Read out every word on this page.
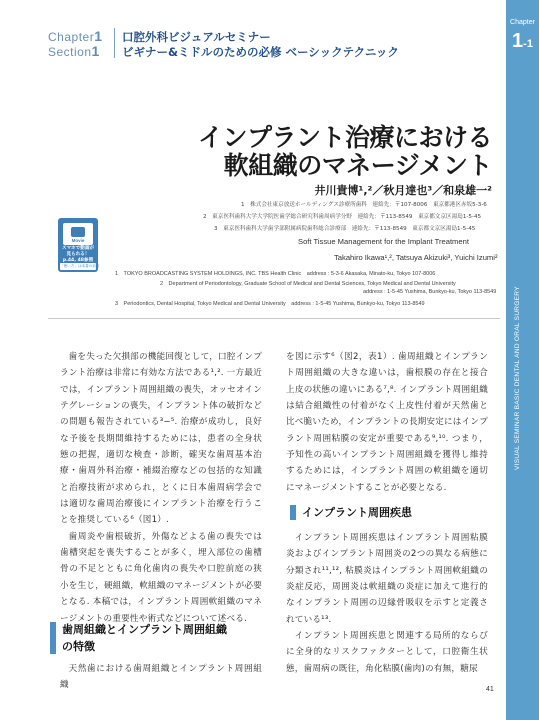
Chapter
1-1
VISUAL SEMINAR BASIC DENTAL AND ORAL SURGERY
Chapter1
Section1
口腔外科ビジュアルセミナー
ビギナー&ミドルのための必修 ベーシックテクニック
インプラント治療における
軟組織のマネージメント
井川貴博¹,²／秋月達也³／和泉雄一²
1　株式会社東京放送ホールディングス診療所歯科　連絡先：〒107-8006　東京都港区赤坂5-3-6
2　東京医科歯科大学大学院医歯学総合研究科歯周病学分野　連絡先：〒113-8549　東京都文京区湯島1-5-45
3　東京医科歯科大学歯学部附属病院歯科総合診療部　連絡先：〒113-8549　東京都文京区湯島1-5-45
Soft Tissue Management for the Implant Treatment
Takahiro Ikawa¹,², Tatsuya Akizuki³, Yuichi Izumi²
1　TOKYO BROADCASTING SYSTEM HOLDINGS, INC. TBS Health Clinic　address : 5-3-6 Akasaka, Minato-ku, Tokyo 107-8006
2　Department of Periodontology, Graduate School of Medical and Dental Sciences, Tokyo Medical and Dental University
address : 1-5-45 Yushima, Bunkyo-ku, Tokyo 113-8549
3　Periodontics, Dental Hospital, Tokyo Medical and Dental University　address : 1-5-45 Yushima, Bunkyo-ku, Tokyo 113-8549
Movie
スマホで動画が
見られる！
p.44, 48参照
「使い方」は本書の前付

歯を失った欠損部の機能回復として，口腔インプラント治療は非常に有効な方法である¹,². 一方最近では，インプラント周囲組織の喪失，オッセオインテグレーションの喪失，インプラント体の破折などの問題も報告されている³−⁵. 治療が成功し，良好な予後を長期間維持するためには，患者の全身状態の把握，適切な検査・診断，確実な歯周基本治療・歯周外科治療・補綴治療などの包括的な知識と治療技術が求められ，とくに日本歯周病学会では適切な歯周治療後にインプラント治療を行うことを推奨している⁶（図1）.

歯周炎や歯根破折，外傷などよる歯の喪失では歯槽突起を喪失することが多く，埋入部位の歯槽骨の不足とともに角化歯肉の喪失や口腔前庭の狭小を生じ，硬組織，軟組織のマネージメントが必要となる. 本稿では，インプラント周囲軟組織のマネージメントの重要性や術式などについて述べる.

歯周組織とインプラント周囲組織
の特徴

天然歯における歯周組織とインプラント周囲組織

を図に示す⁶（図2，表1）. 歯周組織とインプラント周囲組織の大きな違いは，歯根膜の存在と接合上皮の状態の違いにある⁷,⁸. インプラント周囲組織は結合組織性の付着がなく上皮性付着が天然歯と比べ脆いため，インプラントの長期安定にはインプラント周囲粘膜の安定が重要である⁹,¹⁰. つまり，予知性の高いインプラント周囲組織を獲得し維持するためには，インプラント周囲の軟組織を適切にマネージメントすることが必要となる.

インプラント周囲疾患

インプラント周囲疾患はインプラント周囲粘膜炎およびインプラント周囲炎の2つの異なる病態に分類され¹¹,¹², 粘膜炎はインプラント周囲軟組織の炎症反応，周囲炎は軟組織の炎症に加えて進行的なインプラント周囲の辺縁骨吸収を示すと定義されている¹³.

インプラント周囲疾患と関連する局所的ならびに全身的なリスクファクターとして，口腔衛生状態，歯周病の既往，角化粘膜(歯肉)の有無，糖尿

41
